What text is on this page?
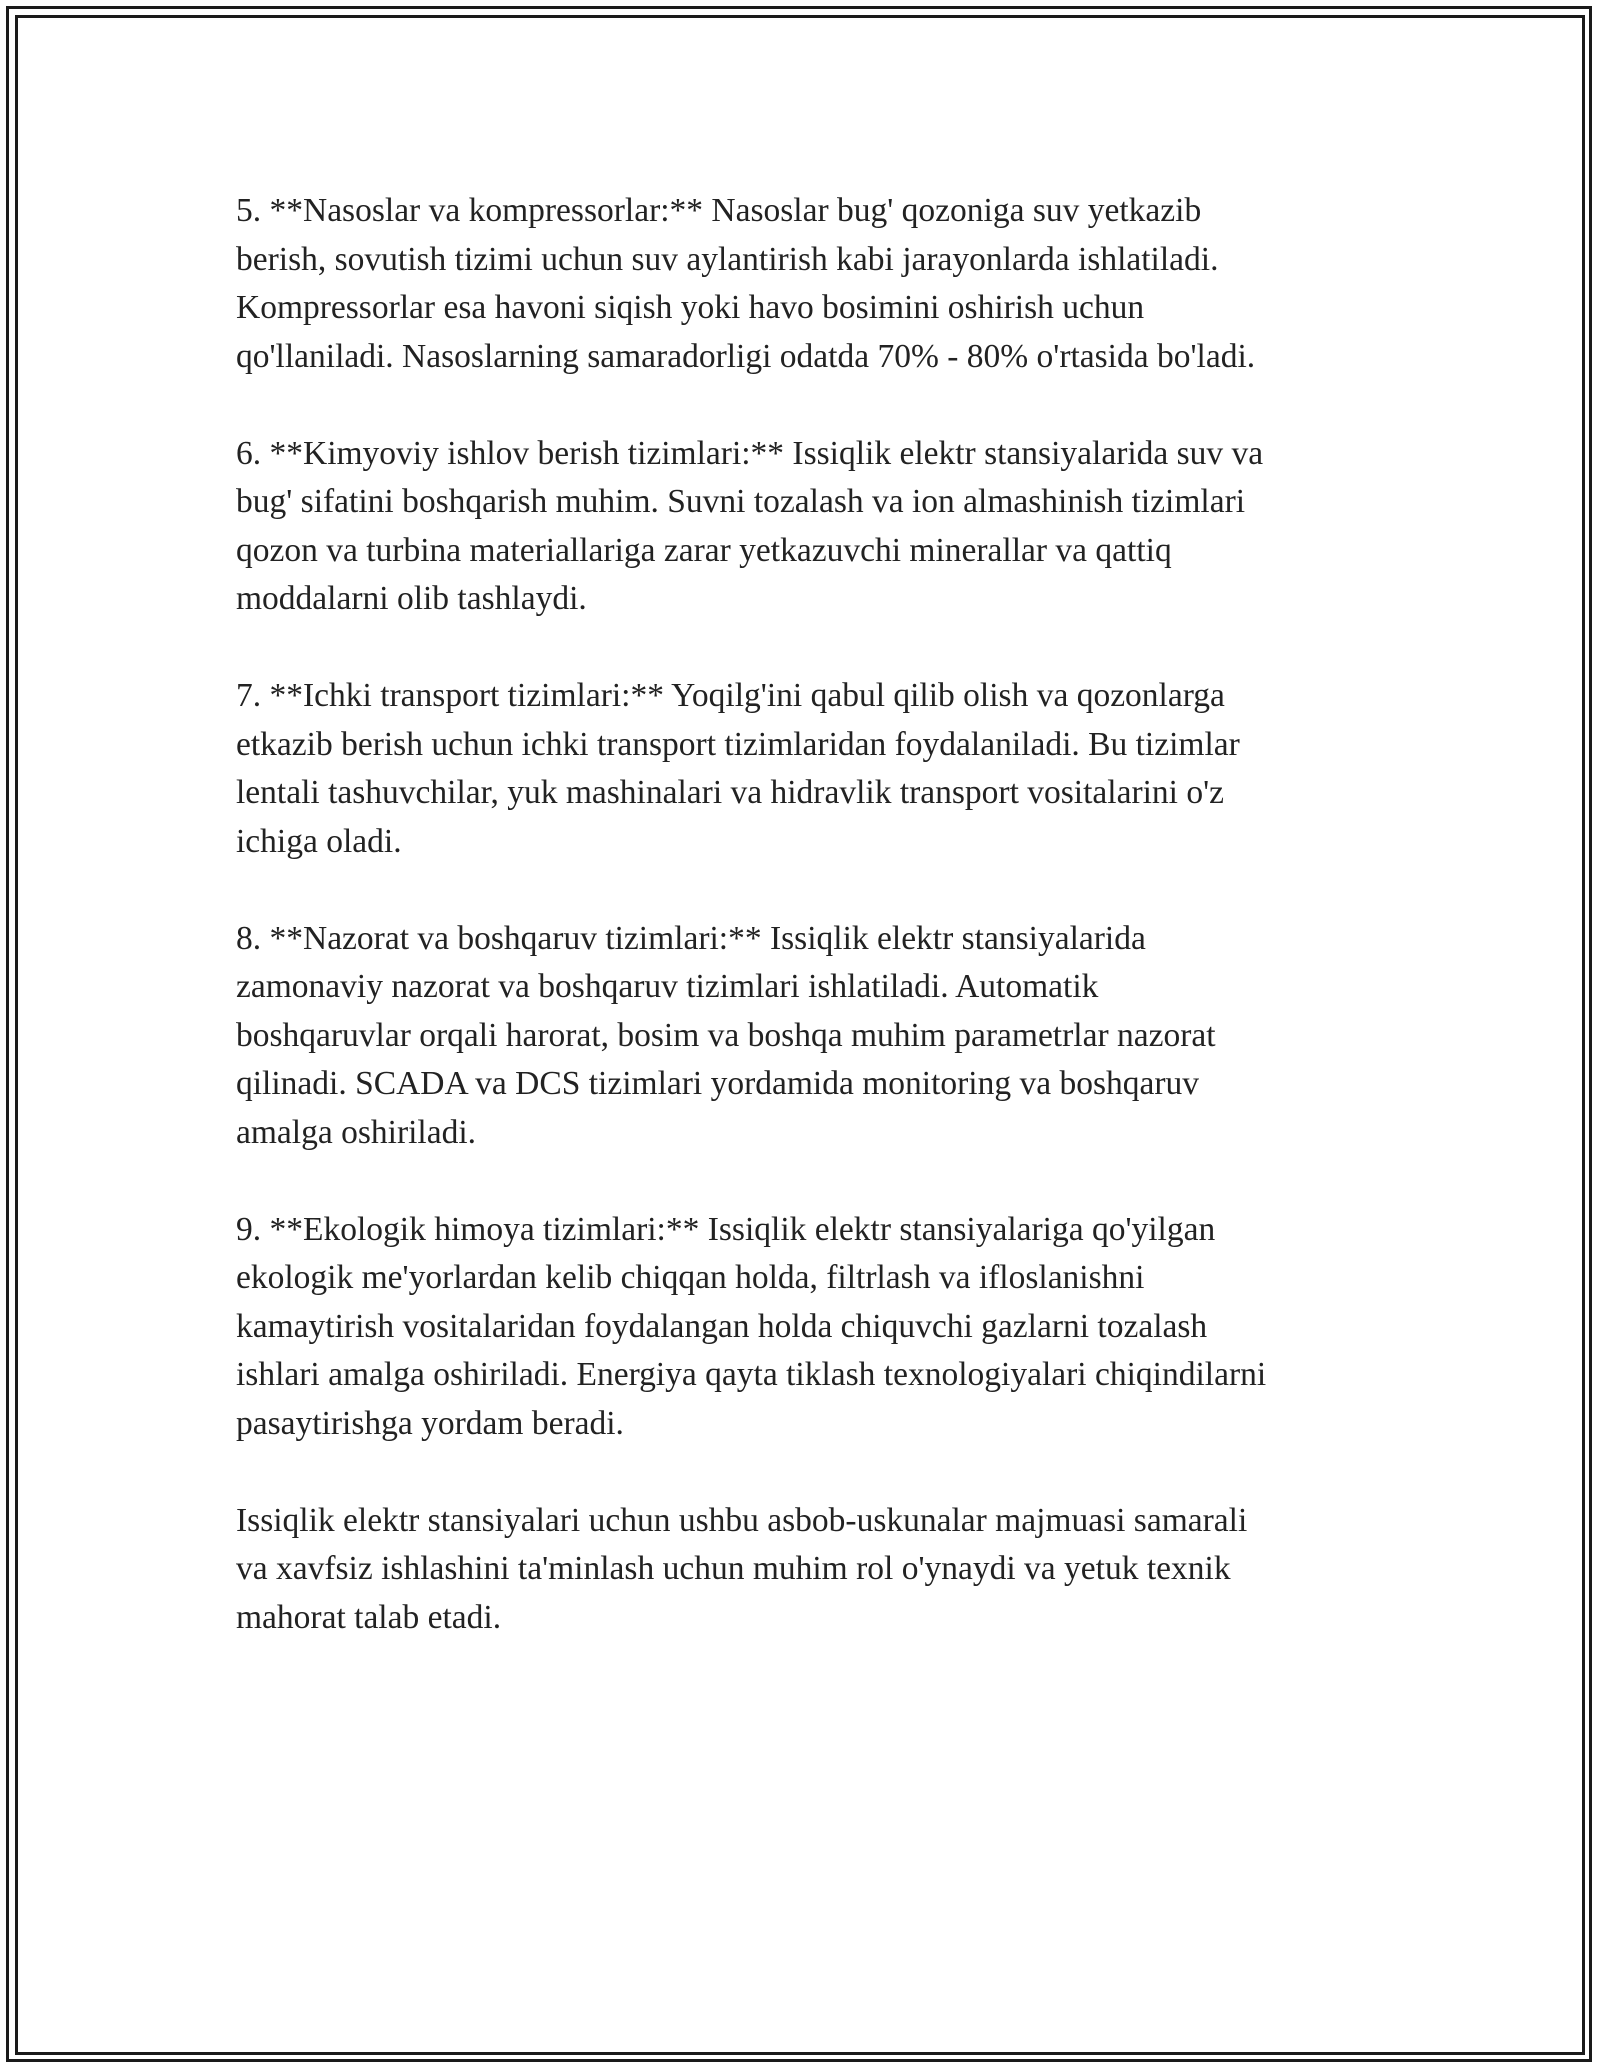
5. **Nasoslar va kompressorlar:** Nasoslar bug' qozoniga suv yetkazib
berish, sovutish tizimi uchun suv aylantirish kabi jarayonlarda ishlatiladi.
Kompressorlar esa havoni siqish yoki havo bosimini oshirish uchun
qo'llaniladi. Nasoslarning samaradorligi odatda 70% - 80% o'rtasida bo'ladi.

6. **Kimyoviy ishlov berish tizimlari:** Issiqlik elektr stansiyalarida suv va
bug' sifatini boshqarish muhim. Suvni tozalash va ion almashinish tizimlari
qozon va turbina materiallariga zarar yetkazuvchi minerallar va qattiq
moddalarni olib tashlaydi.

7. **Ichki transport tizimlari:** Yoqilg'ini qabul qilib olish va qozonlarga
etkazib berish uchun ichki transport tizimlaridan foydalaniladi. Bu tizimlar
lentali tashuvchilar, yuk mashinalari va hidravlik transport vositalarini o'z
ichiga oladi.

8. **Nazorat va boshqaruv tizimlari:** Issiqlik elektr stansiyalarida
zamonaviy nazorat va boshqaruv tizimlari ishlatiladi. Automatik
boshqaruvlar orqali harorat, bosim va boshqa muhim parametrlar nazorat
qilinadi. SCADA va DCS tizimlari yordamida monitoring va boshqaruv
amalga oshiriladi.

9. **Ekologik himoya tizimlari:** Issiqlik elektr stansiyalariga qo'yilgan
ekologik me'yorlardan kelib chiqqan holda, filtrlash va ifloslanishni
kamaytirish vositalaridan foydalangan holda chiquvchi gazlarni tozalash
ishlari amalga oshiriladi. Energiya qayta tiklash texnologiyalari chiqindilarni
pasaytirishga yordam beradi.

Issiqlik elektr stansiyalari uchun ushbu asbob-uskunalar majmuasi samarali
va xavfsiz ishlashini ta'minlash uchun muhim rol o'ynaydi va yetuk texnik
mahorat talab etadi.
